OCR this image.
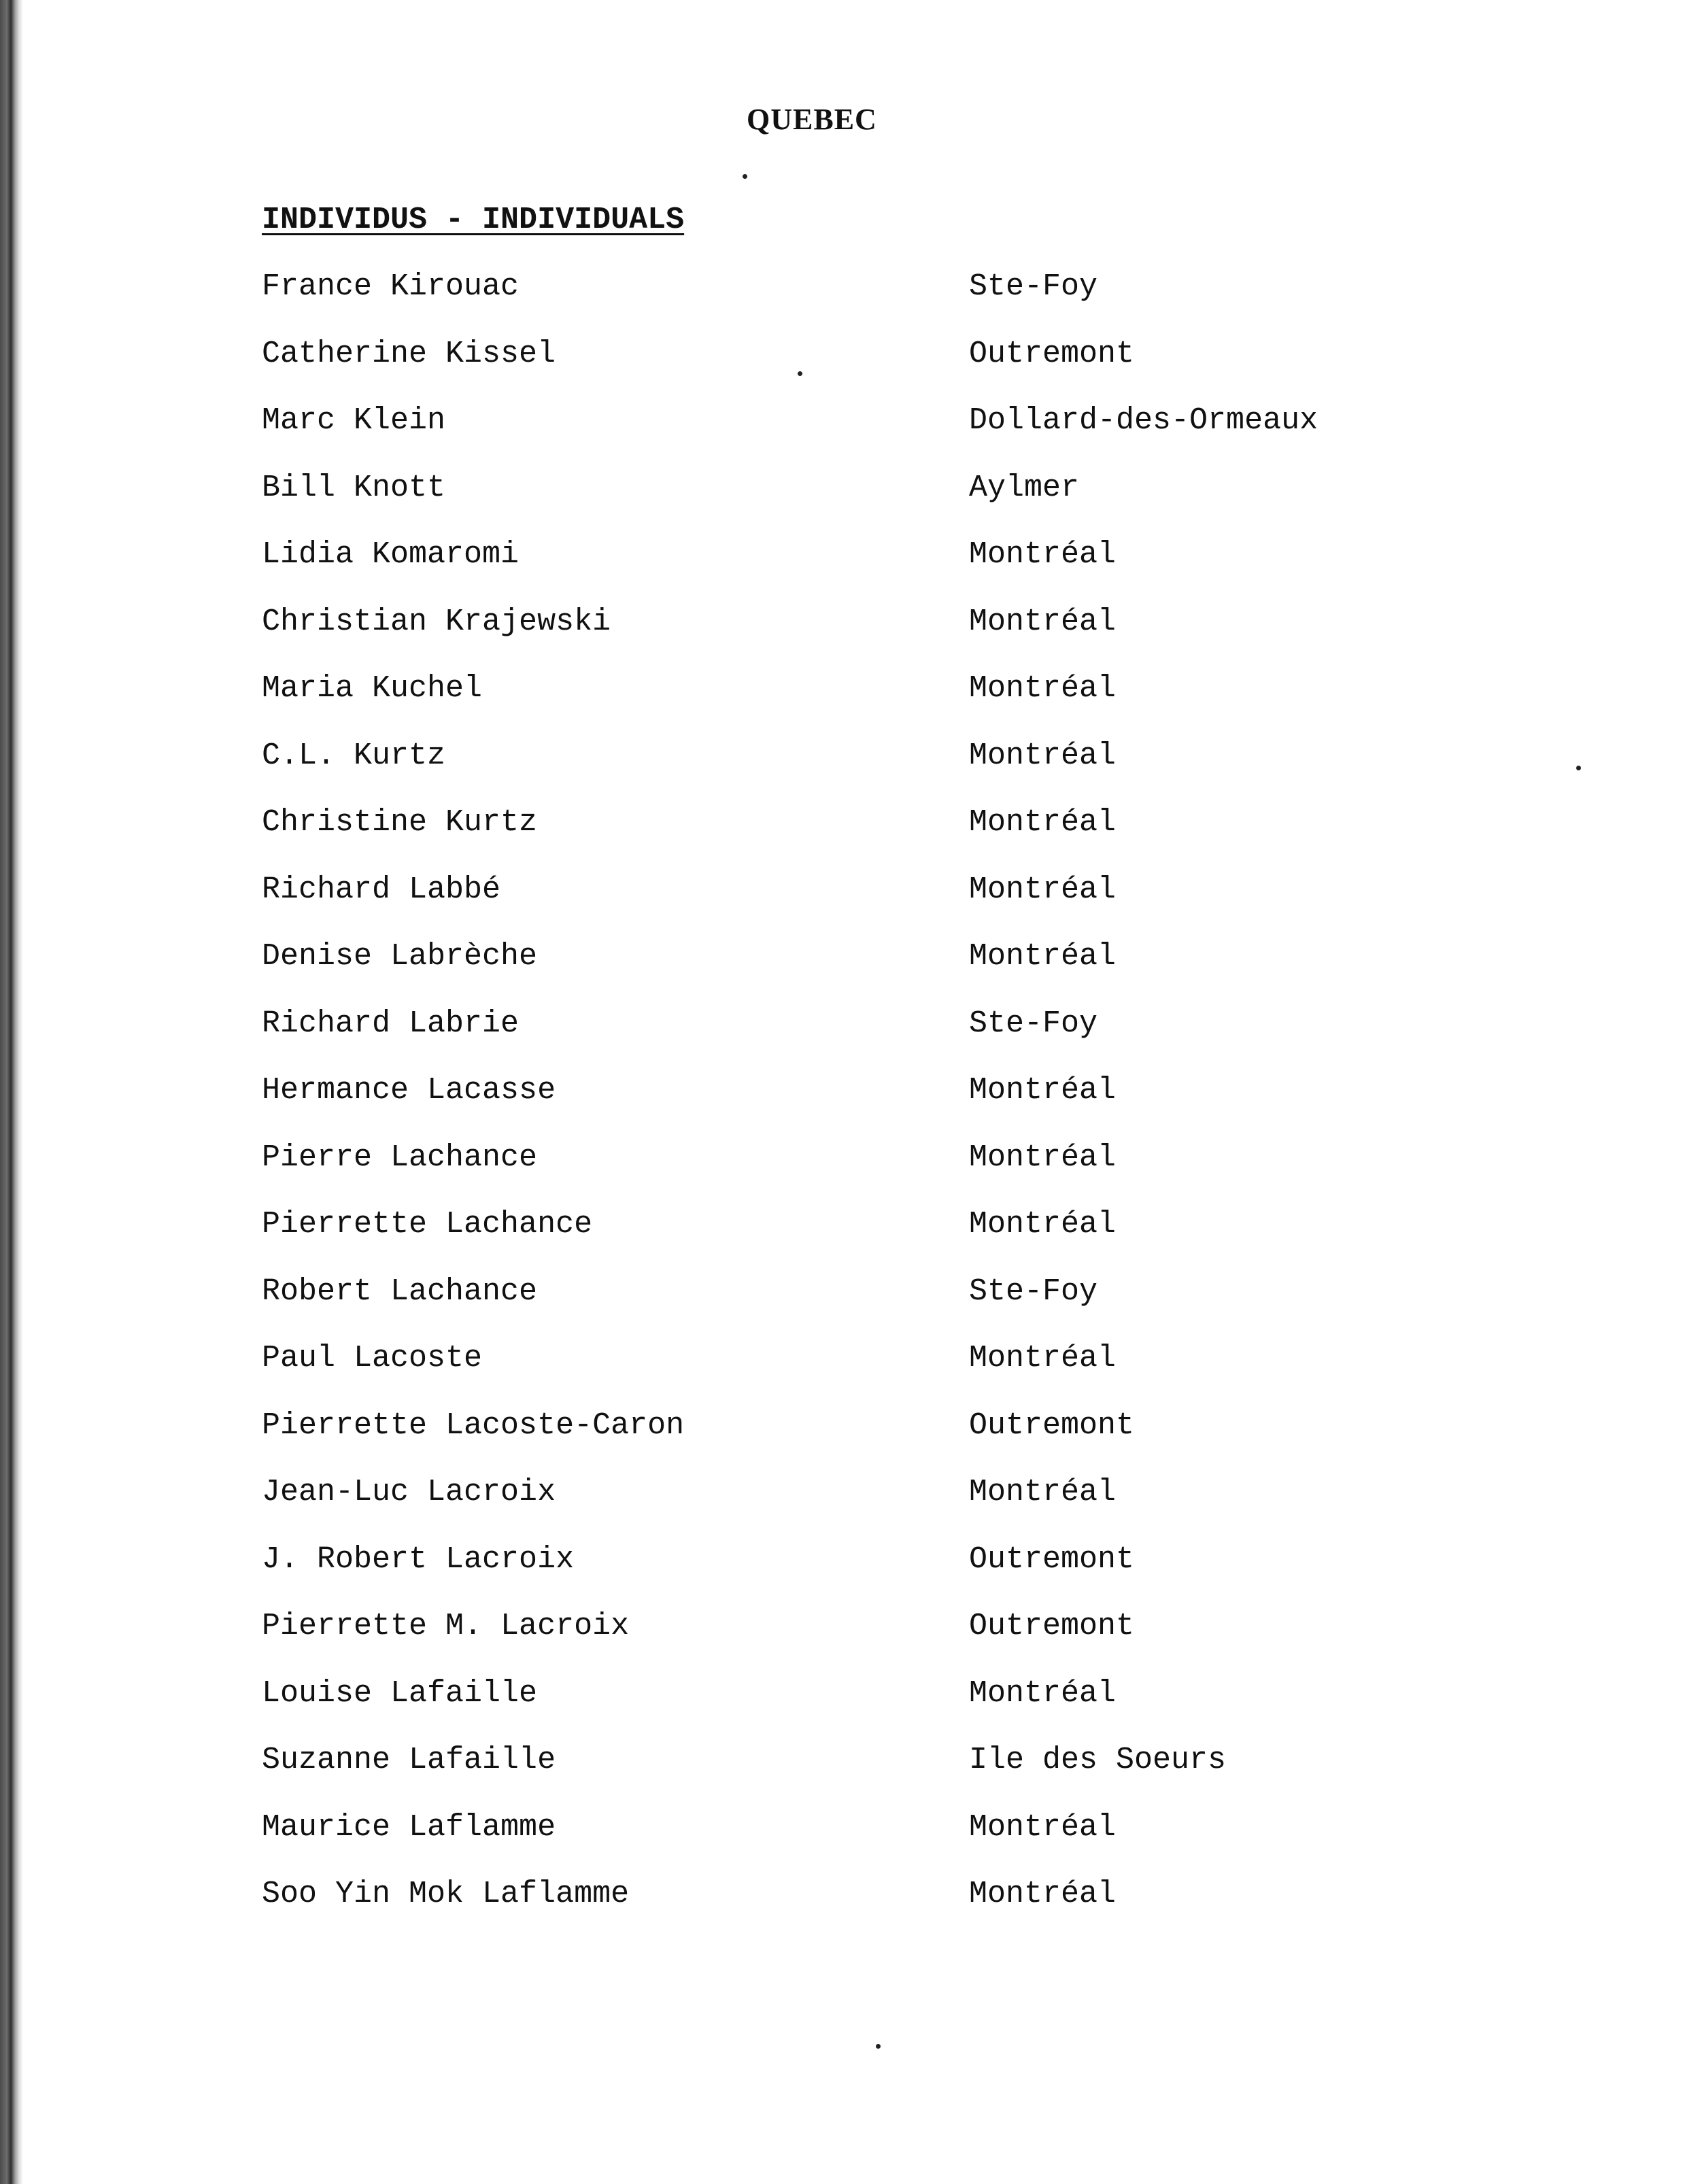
QUEBEC
INDIVIDUS - INDIVIDUALS
France Kirouac	Ste-Foy
Catherine Kissel	Outremont
Marc Klein	Dollard-des-Ormeaux
Bill Knott	Aylmer
Lidia Komaromi	Montréal
Christian Krajewski	Montréal
Maria Kuchel	Montréal
C.L. Kurtz	Montréal
Christine Kurtz	Montréal
Richard Labbé	Montréal
Denise Labrèche	Montréal
Richard Labrie	Ste-Foy
Hermance Lacasse	Montréal
Pierre Lachance	Montréal
Pierrette Lachance	Montréal
Robert Lachance	Ste-Foy
Paul Lacoste	Montréal
Pierrette Lacoste-Caron	Outremont
Jean-Luc Lacroix	Montréal
J. Robert Lacroix	Outremont
Pierrette M. Lacroix	Outremont
Louise Lafaille	Montréal
Suzanne Lafaille	Ile des Soeurs
Maurice Laflamme	Montréal
Soo Yin Mok Laflamme	Montréal
